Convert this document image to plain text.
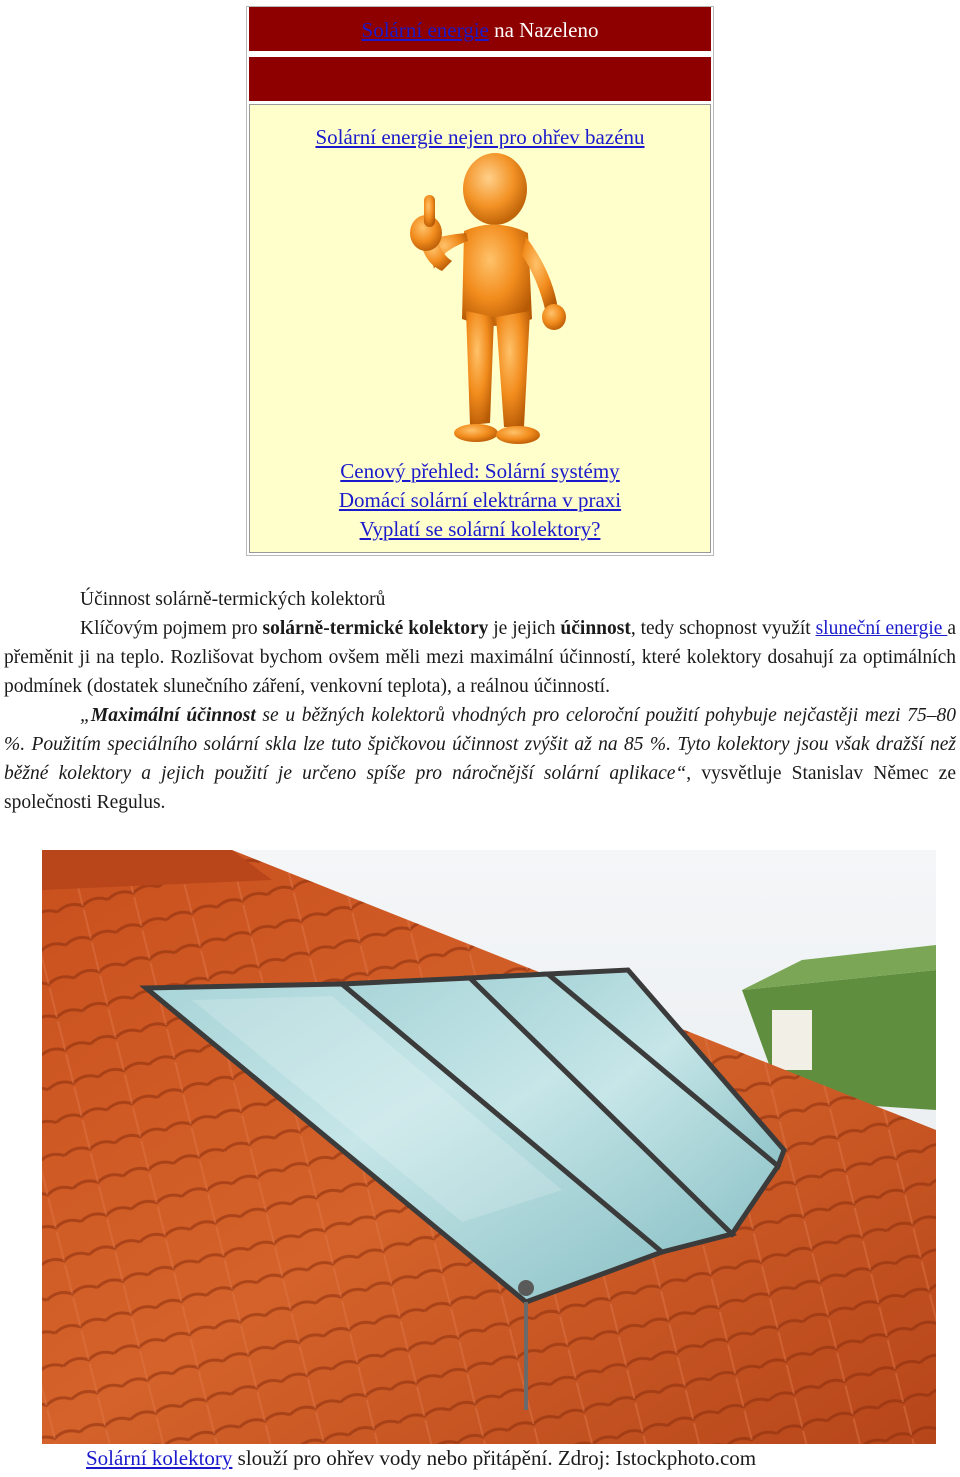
Solární energie na Nazeleno
Solární energie nejen pro ohřev bazénu
Cenový přehled: Solární systémy
Domácí solární elektrárna v praxi
Vyplatí se solární kolektory?

Účinnost solárně-termických kolektorů

Klíčovým pojmem pro solárně-termické kolektory je jejich účinnost, tedy schopnost využít sluneční energie a přeměnit ji na teplo. Rozlišovat bychom ovšem měli mezi maximální účinností, které kolektory dosahují za optimálních podmínek (dostatek slunečního záření, venkovní teplota), a reálnou účinností.

„Maximální účinnost se u běžných kolektorů vhodných pro celoroční použití pohybuje nejčastěji mezi 75–80 %. Použitím speciálního solární skla lze tuto špičkovou účinnost zvýšit až na 85 %. Tyto kolektory jsou však dražší než běžné kolektory a jejich použití je určeno spíše pro náročnější solární aplikace“, vysvětluje Stanislav Němec ze společnosti Regulus.

Solární kolektory slouží pro ohřev vody nebo přitápění. Zdroj: Istockphoto.com
